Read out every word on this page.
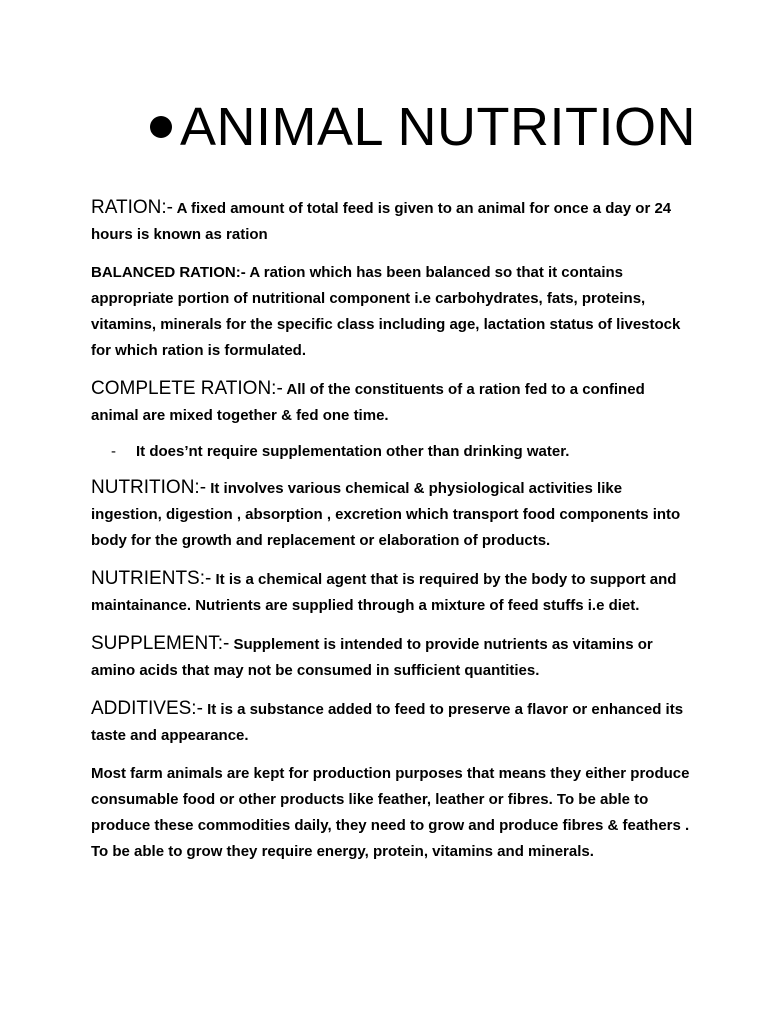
ANIMAL NUTRITION

RATION:- A fixed amount of total feed is given to an animal for once a day or 24 hours is known as ration

BALANCED RATION:- A ration which has been balanced so that it contains appropriate portion of nutritional component i.e carbohydrates, fats, proteins, vitamins, minerals for the specific class including age, lactation status of livestock for which ration is formulated.

COMPLETE RATION:- All of the constituents of a ration fed to a confined animal are mixed together & fed one time.

-	It does’nt require supplementation other than drinking water.

NUTRITION:- It involves various chemical & physiological activities like ingestion, digestion , absorption , excretion which transport food components into body for the growth and replacement or elaboration of products.

NUTRIENTS:- It is a chemical agent that is required by the body to support and maintainance. Nutrients are supplied through a mixture of feed stuffs i.e diet.

SUPPLEMENT:- Supplement is intended to provide nutrients as vitamins or amino acids that may not be consumed in sufficient quantities.

ADDITIVES:- It is a substance added to feed to preserve a flavor or enhanced its taste and appearance.

Most farm animals are kept for production purposes that means they either produce consumable food or other products like feather, leather or fibres. To be able to produce these commodities daily, they need to grow and produce fibres & feathers . To be able to grow they require energy, protein, vitamins and minerals.
